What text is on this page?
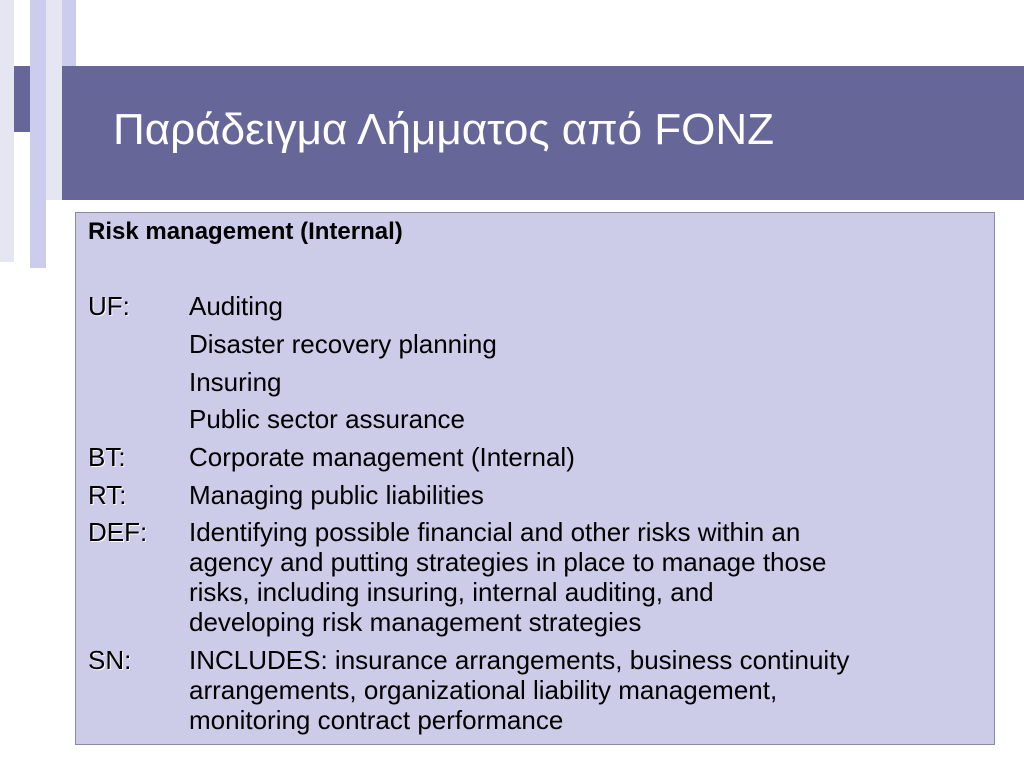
Παράδειγμα Λήμματος από FONZ
Risk management (Internal)
UF:	Auditing
Disaster recovery planning
Insuring
Public sector assurance
BT:	Corporate management (Internal)
RT:	Managing public liabilities
DEF:	Identifying possible financial and other risks within an
agency and putting strategies in place to manage those
risks, including insuring, internal auditing, and
developing risk management strategies
SN:	INCLUDES: insurance arrangements, business continuity
arrangements, organizational liability management,
monitoring contract performance
